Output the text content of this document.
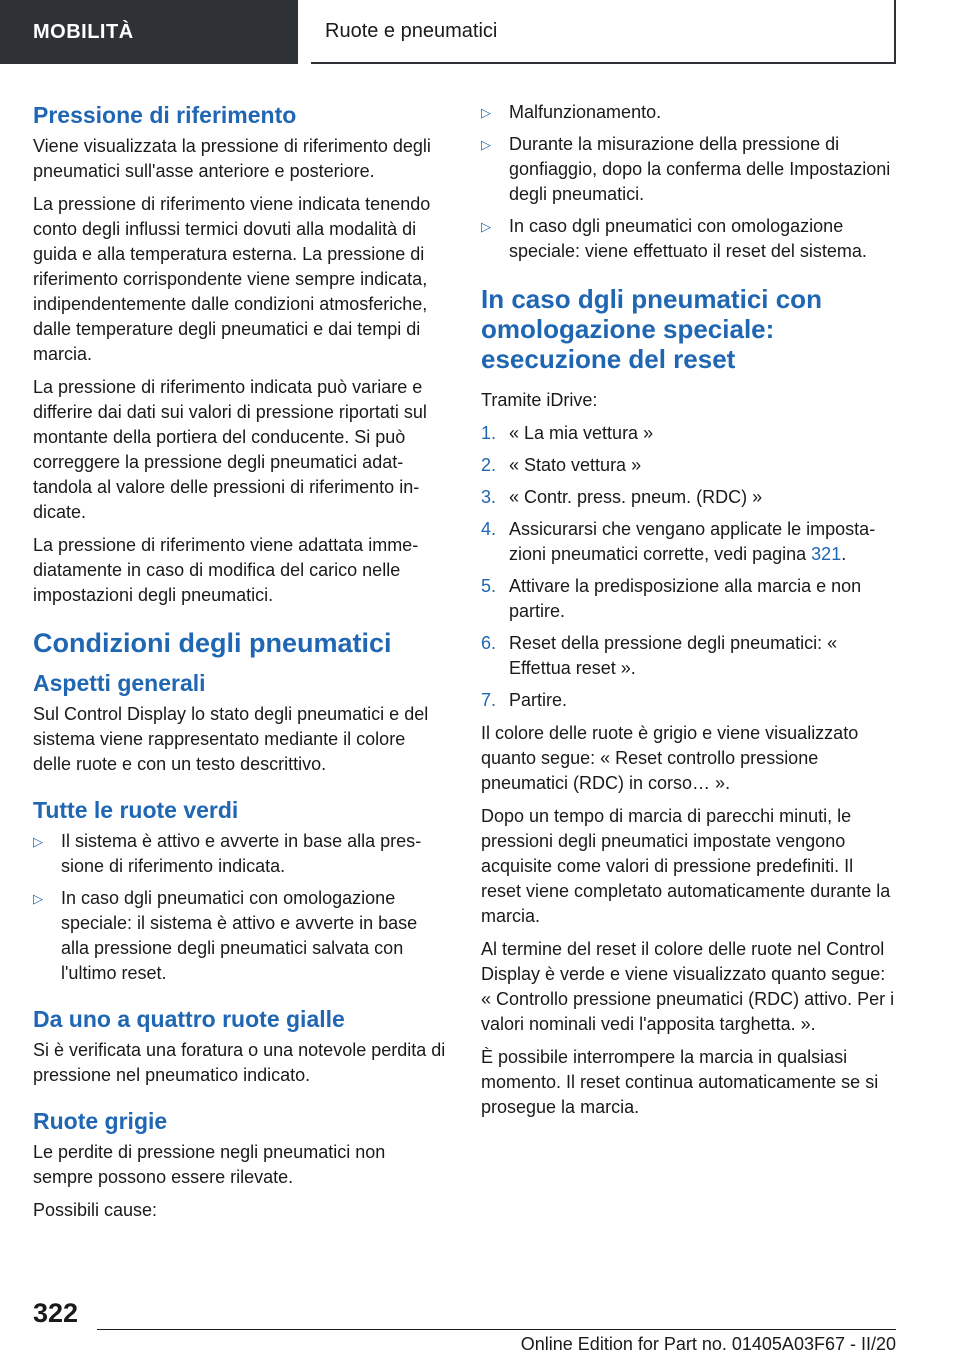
MOBILITÀ	Ruote e pneumatici
Pressione di riferimento

Viene visualizzata la pressione di riferimento degli pneumatici sull'asse anteriore e posteriore.

La pressione di riferimento viene indicata tenendo conto degli influssi termici dovuti alla modalità di guida e alla temperatura esterna. La pressione di riferimento corrispondente viene sempre indicata, indipendentemente dalle condizioni atmosferiche, dalle temperature degli pneumatici e dai tempi di marcia.

La pressione di riferimento indicata può variare e differire dai dati sui valori di pressione riportati sul montante della portiera del conducente. Si può correggere la pressione degli pneumatici adattandola al valore delle pressioni di riferimento indicate.

La pressione di riferimento viene adattata immediatamente in caso di modifica del carico nelle impostazioni degli pneumatici.

Condizioni degli pneumatici
Aspetti generali

Sul Control Display lo stato degli pneumatici e del sistema viene rappresentato mediante il colore delle ruote e con un testo descrittivo.

Tutte le ruote verdi
▷ Il sistema è attivo e avverte in base alla pressione di riferimento indicata.
▷ In caso dgli pneumatici con omologazione speciale: il sistema è attivo e avverte in base alla pressione degli pneumatici salvata con l'ultimo reset.
Da uno a quattro ruote gialle

Si è verificata una foratura o una notevole perdita di pressione nel pneumatico indicato.

Ruote grigie

Le perdite di pressione negli pneumatici non sempre possono essere rilevate.

Possibili cause:

▷ Malfunzionamento.
▷ Durante la misurazione della pressione di gonfiaggio, dopo la conferma delle Impostazioni degli pneumatici.
▷ In caso dgli pneumatici con omologazione speciale: viene effettuato il reset del sistema.
In caso dgli pneumatici con omologazione speciale: esecuzione del reset

Tramite iDrive:

1. « La mia vettura »
2. « Stato vettura »
3. « Contr. press. pneum. (RDC) »
4. Assicurarsi che vengano applicate le impostazioni pneumatici corrette, vedi pagina 321.
5. Attivare la predisposizione alla marcia e non partire.
6. Reset della pressione degli pneumatici: « Effettua reset ».
7. Partire.

Il colore delle ruote è grigio e viene visualizzato quanto segue: « Reset controllo pressione pneumatici (RDC) in corso… ».

Dopo un tempo di marcia di parecchi minuti, le pressioni degli pneumatici impostate vengono acquisite come valori di pressione predefiniti. Il reset viene completato automaticamente durante la marcia.

Al termine del reset il colore delle ruote nel Control Display è verde e viene visualizzato quanto segue: « Controllo pressione pneumatici (RDC) attivo. Per i valori nominali vedi l'apposita targhetta. ».

È possibile interrompere la marcia in qualsiasi momento. Il reset continua automaticamente se si prosegue la marcia.

322
Online Edition for Part no. 01405A03F67 - II/20
